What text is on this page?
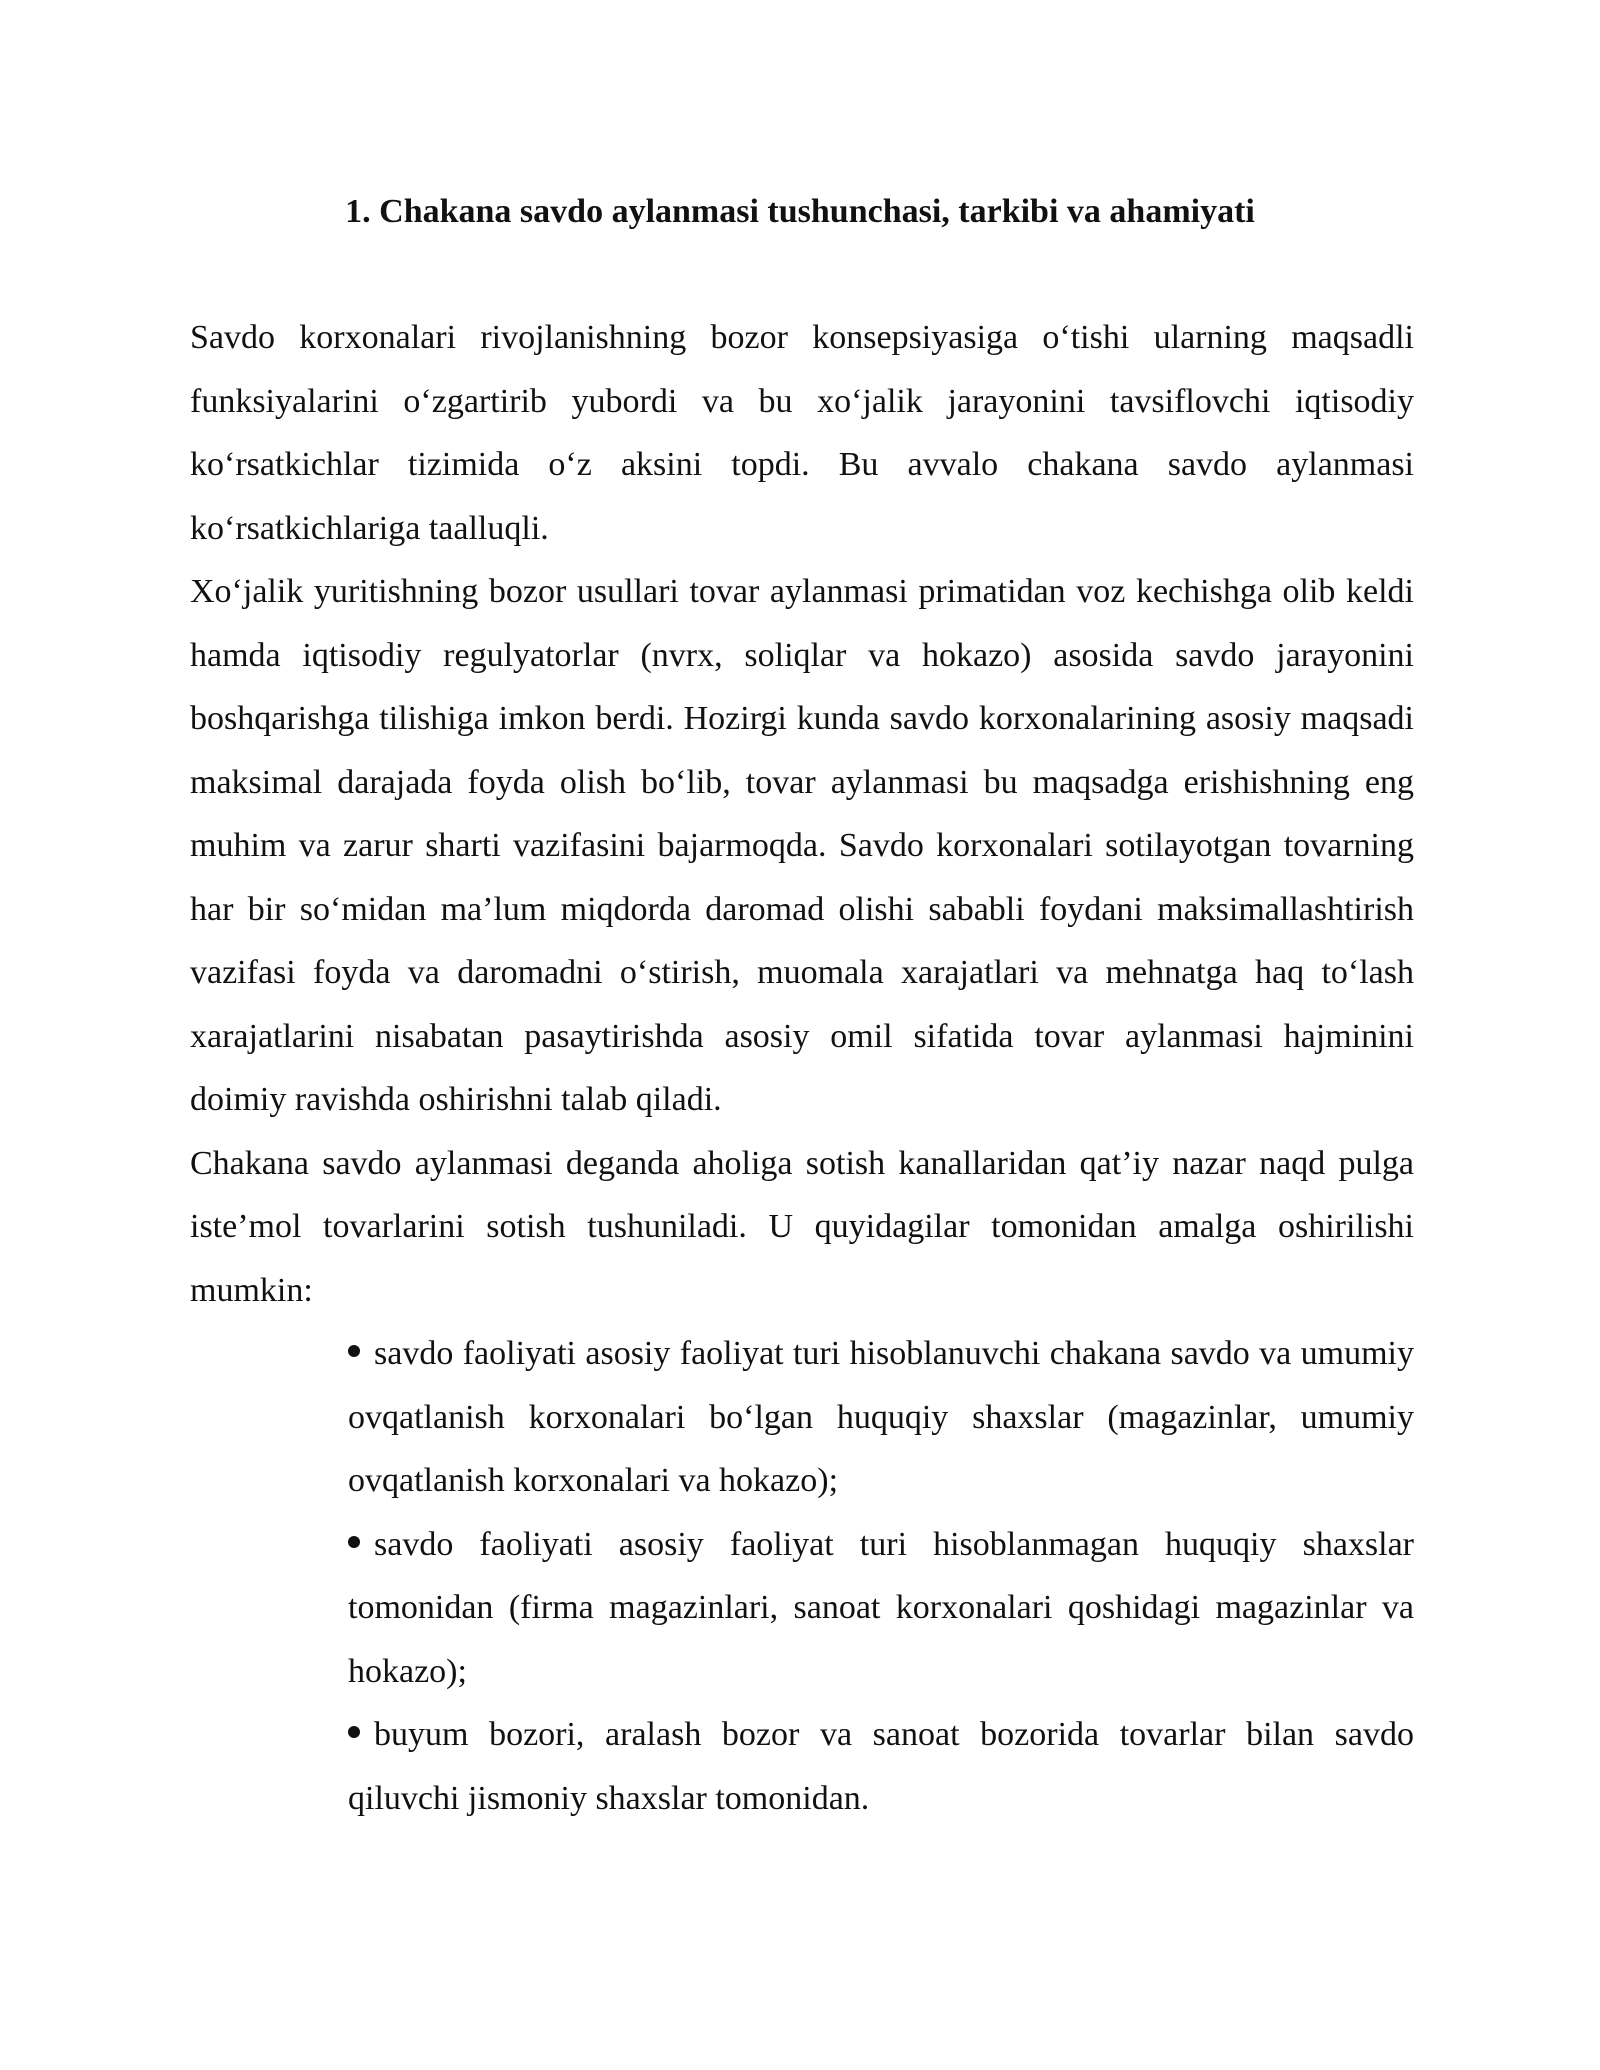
1. Chakana savdo aylanmasi tushunchasi, tarkibi va ahamiyati

Savdo korxonalari rivojlanishning bozor konsepsiyasiga o‘tishi ularning maqsadli funksiyalarini o‘zgartirib yubordi va bu xo‘jalik jarayonini tavsiflovchi iqtisodiy ko‘rsatkichlar tizimida o‘z aksini topdi. Bu avvalo chakana savdo aylanmasi ko‘rsatkichlariga taalluqli.

Xo‘jalik yuritishning bozor usullari tovar aylanmasi primatidan voz kechishga olib keldi hamda iqtisodiy regulyatorlar (nvrx, soliqlar va hokazo) asosida savdo jarayonini boshqarishga tilishiga imkon berdi. Hozirgi kunda savdo korxonalarining asosiy maqsadi maksimal darajada foyda olish bo‘lib, tovar aylanmasi bu maqsadga erishishning eng muhim va zarur sharti vazifasini bajarmoqda. Savdo korxonalari sotilayotgan tovarning har bir so‘midan ma’lum miqdorda daromad olishi sababli foydani maksimallashtirish vazifasi foyda va daromadni o‘stirish, muomala xarajatlari va mehnatga haq to‘lash xarajatlarini nisabatan pasaytirishda asosiy omil sifatida tovar aylanmasi hajminini doimiy ravishda oshirishni talab qiladi.

Chakana savdo aylanmasi deganda aholiga sotish kanallaridan qat’iy nazar naqd pulga iste’mol tovarlarini sotish tushuniladi. U quyidagilar tomonidan amalga oshirilishi mumkin:

savdo faoliyati asosiy faoliyat turi hisoblanuvchi chakana savdo va umumiy ovqatlanish korxonalari bo‘lgan huquqiy shaxslar (magazinlar, umumiy ovqatlanish korxonalari va hokazo);
savdo faoliyati asosiy faoliyat turi hisoblanmagan huquqiy shaxslar tomonidan (firma magazinlari, sanoat korxonalari qoshidagi magazinlar va hokazo);
buyum bozori, aralash bozor va sanoat bozorida tovarlar bilan savdo qiluvchi jismoniy shaxslar tomonidan.
